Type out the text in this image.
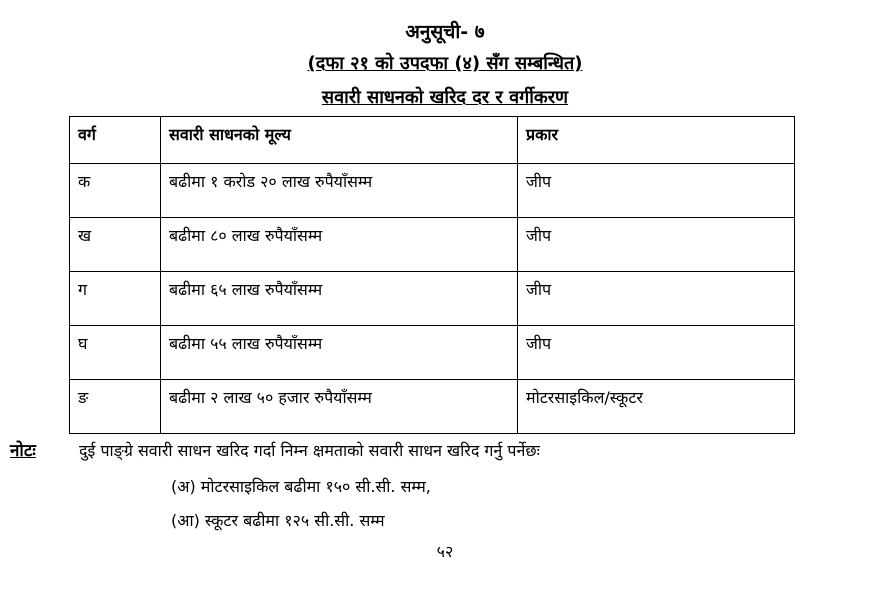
अनुसूची- ७
(दफा २१ को उपदफा (४) सँग सम्बन्धित)
सवारी साधनको खरिद दर र वर्गीकरण
वर्ग	सवारी साधनको मूल्य	प्रकार
क	बढीमा १ करोड २० लाख रुपैयाँसम्म	जीप
ख	बढीमा ८० लाख रुपैयाँसम्म	जीप
ग	बढीमा ६५ लाख रुपैयाँसम्म	जीप
घ	बढीमा ५५ लाख रुपैयाँसम्म	जीप
ङ	बढीमा २ लाख ५० हजार रुपैयाँसम्म	मोटरसाइकिल/स्कूटर
नोटः	दुई पाङ्ग्रे सवारी साधन खरिद गर्दा निम्न क्षमताको सवारी साधन खरिद गर्नु पर्नेछः
(अ) मोटरसाइकिल बढीमा १५० सी.सी. सम्म,
(आ) स्कूटर बढीमा १२५ सी.सी. सम्म
५२
